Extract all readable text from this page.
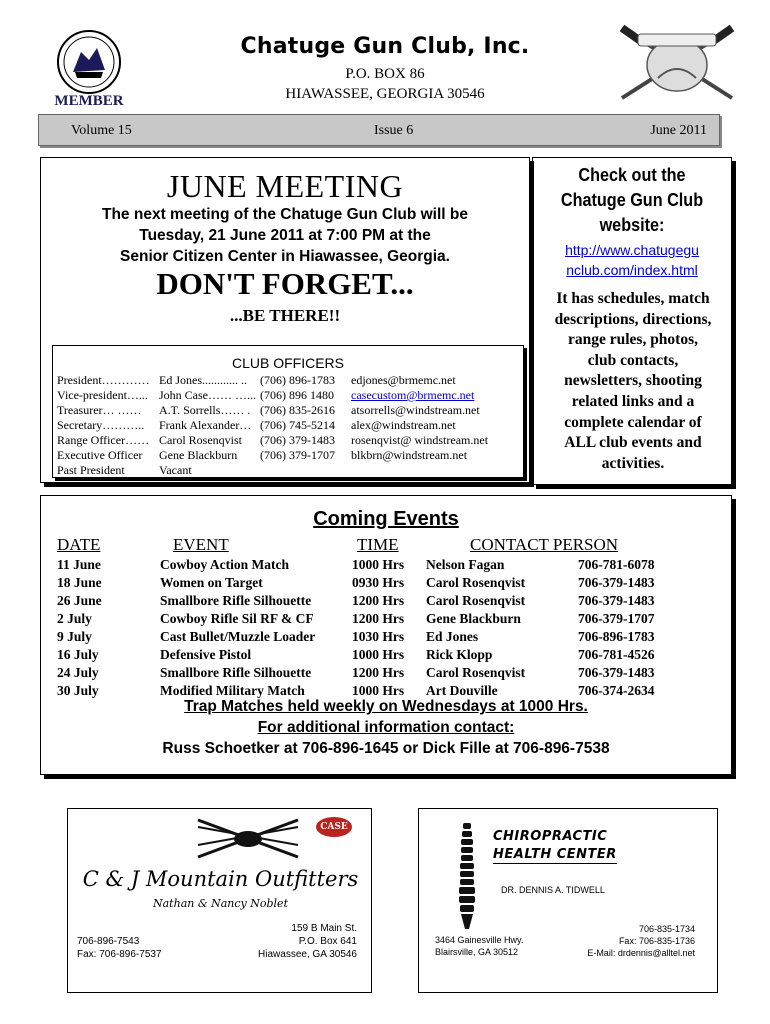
MEMBER
Chatuge Gun Club, Inc.
P.O. BOX 86
HIAWASSEE, GEORGIA 30546
Volume 15	Issue 6	June 2011
JUNE MEETING
The next meeting of the Chatuge Gun Club will be
Tuesday, 21 June 2011 at 7:00 PM at the
Senior Citizen Center in Hiawassee, Georgia.
DON'T FORGET...
...BE THERE!!
CLUB OFFICERS
President………… Ed Jones............ .. (706) 896-1783 edjones@brmemc.net
Vice-president…... John Case…… …... (706) 896 1480 casecustom@brmemc.net
Treasurer… …… A.T. Sorrells…… . (706) 835-2616 atsorrells@windstream.net
Secretary……….. Frank Alexander… (706) 745-5214 alex@windstream.net
Range Officer…… Carol Rosenqvist (706) 379-1483 rosenqvist@ windstream.net
Executive Officer Gene Blackburn (706) 379-1707 blkbrn@windstream.net
Past President	Vacant
Check out the
Chatuge Gun Club
website:
http://www.chatugegu
nclub.com/index.html
It has schedules, match
descriptions, directions,
range rules, photos,
club contacts,
newsletters, shooting
related links and a
complete calendar of
ALL club events and
activities.
Coming Events
DATE	EVENT	TIME	CONTACT PERSON
11 June	Cowboy Action Match	1000 Hrs Nelson Fagan	706-781-6078
18 June	Women on Target	0930 Hrs Carol Rosenqvist	706-379-1483
26 June	Smallbore Rifle Silhouette	1200 Hrs Carol Rosenqvist	706-379-1483
2 July	Cowboy Rifle Sil RF & CF	1200 Hrs Gene Blackburn	706-379-1707
9 July	Cast Bullet/Muzzle Loader	1030 Hrs Ed Jones	706-896-1783
16 July	Defensive Pistol	1000 Hrs Rick Klopp	706-781-4526
24 July	Smallbore Rifle Silhouette	1200 Hrs Carol Rosenqvist	706-379-1483
30 July	Modified Military Match	1000 Hrs Art Douville	706-374-2634
Trap Matches held weekly on Wednesdays at 1000 Hrs.
For additional information contact:
Russ Schoetker at 706-896-1645 or Dick Fille at 706-896-7538
CASE
C & J Mountain Outfitters
Nathan & Nancy Noblet
159 B Main St.
P.O. Box 641
Hiawassee, GA 30546
706-896-7543
Fax: 706-896-7537
CHIROPRACTIC
HEALTH CENTER
DR. DENNIS A. TIDWELL
3464 Gainesville Hwy.
Blairsville, GA 30512
706-835-1734
Fax: 706-835-1736
E-Mail: drdennis@alltel.net
